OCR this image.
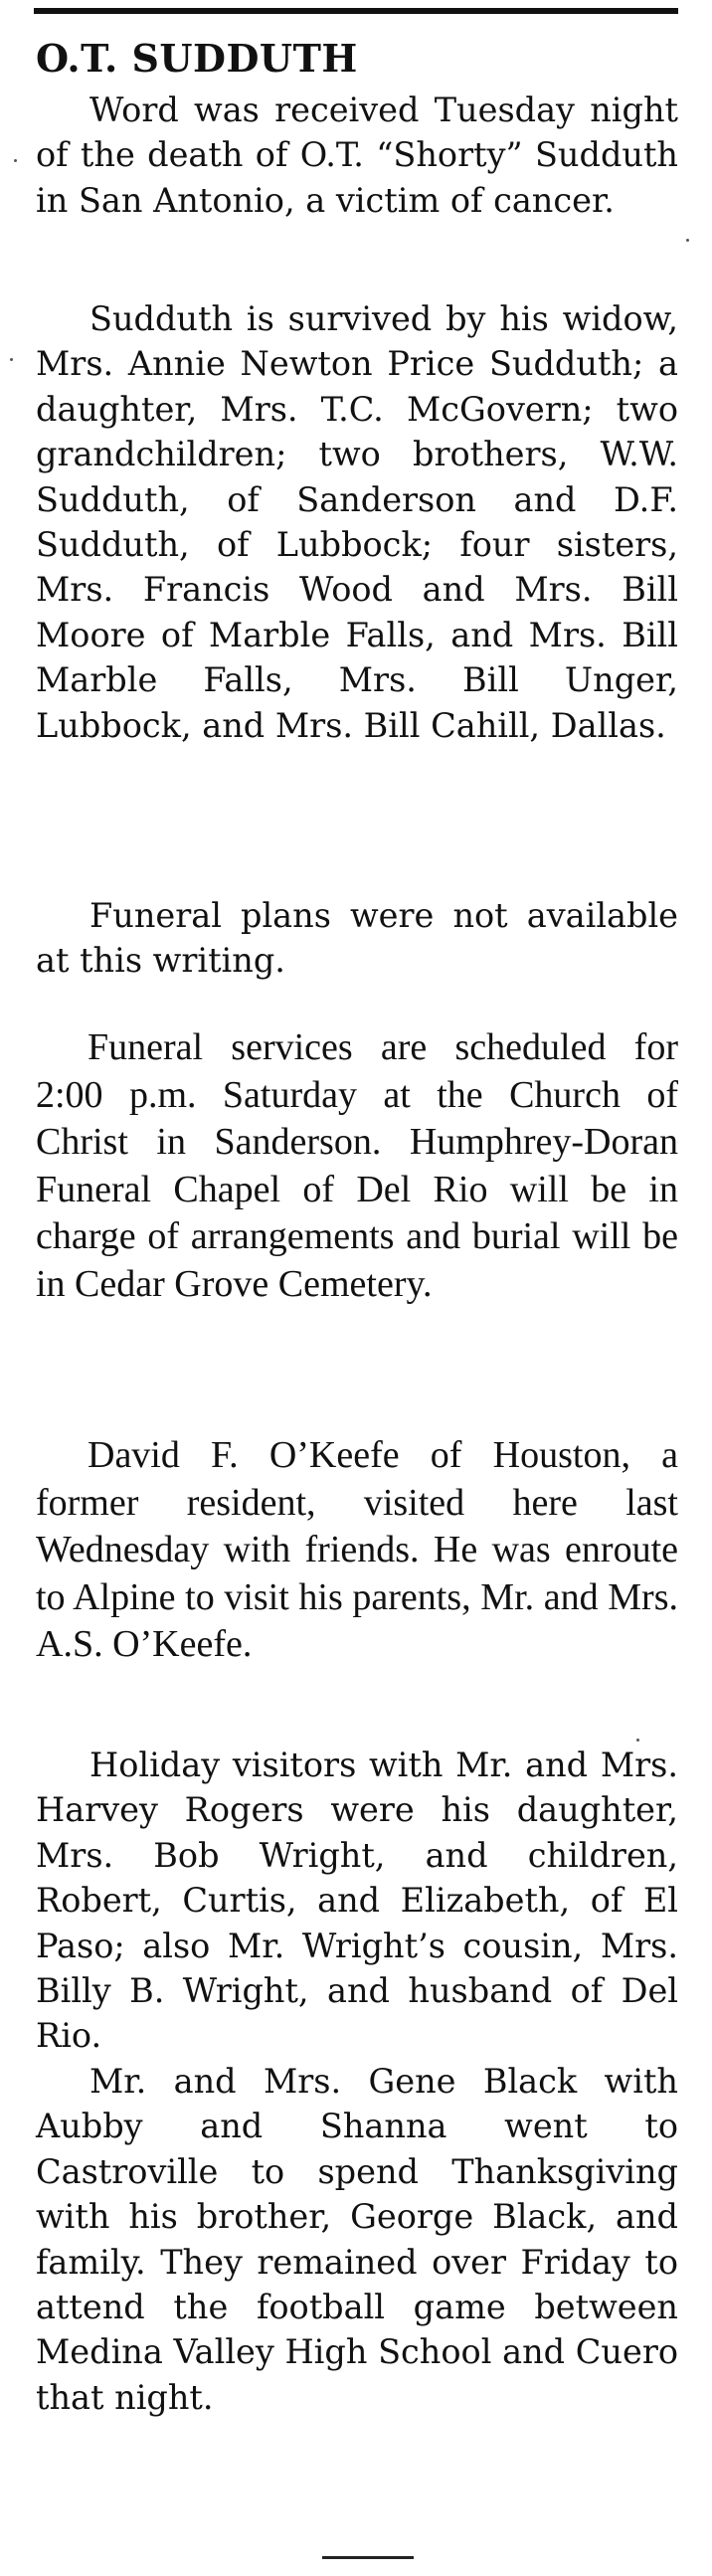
O.T. SUDDUTH

Word was received Tuesday night of the death of O.T. “Shorty” Sudduth in San Antonio, a victim of cancer.

Sudduth is survived by his widow, Mrs. Annie Newton Price Sudduth; a daughter, Mrs. T.C. McGovern; two grandchildren; two brothers, W.W. Sudduth, of Sanderson and D.F. Sudduth, of Lubbock; four sisters, Mrs. Francis Wood and Mrs. Bill Moore of Marble Falls, and Mrs. Bill Marble Falls, Mrs. Bill Unger, Lubbock, and Mrs. Bill Cahill, Dallas.

Funeral plans were not available at this writing.

Funeral services are scheduled for 2:00 p.m. Saturday at the Church of Christ in Sanderson. Humphrey-Doran Funeral Chapel of Del Rio will be in charge of arrangements and burial will be in Cedar Grove Cemetery.

David F. O’Keefe of Houston, a former resident, visited here last Wednesday with friends. He was enroute to Alpine to visit his parents, Mr. and Mrs. A.S. O’Keefe.

Holiday visitors with Mr. and Mrs. Harvey Rogers were his daughter, Mrs. Bob Wright, and children, Robert, Curtis, and Elizabeth, of El Paso; also Mr. Wright’s cousin, Mrs. Billy B. Wright, and husband of Del Rio.

Mr. and Mrs. Gene Black with Aubby and Shanna went to Castroville to spend Thanksgiving with his brother, George Black, and family. They remained over Friday to attend the football game between Medina Valley High School and Cuero that night.
